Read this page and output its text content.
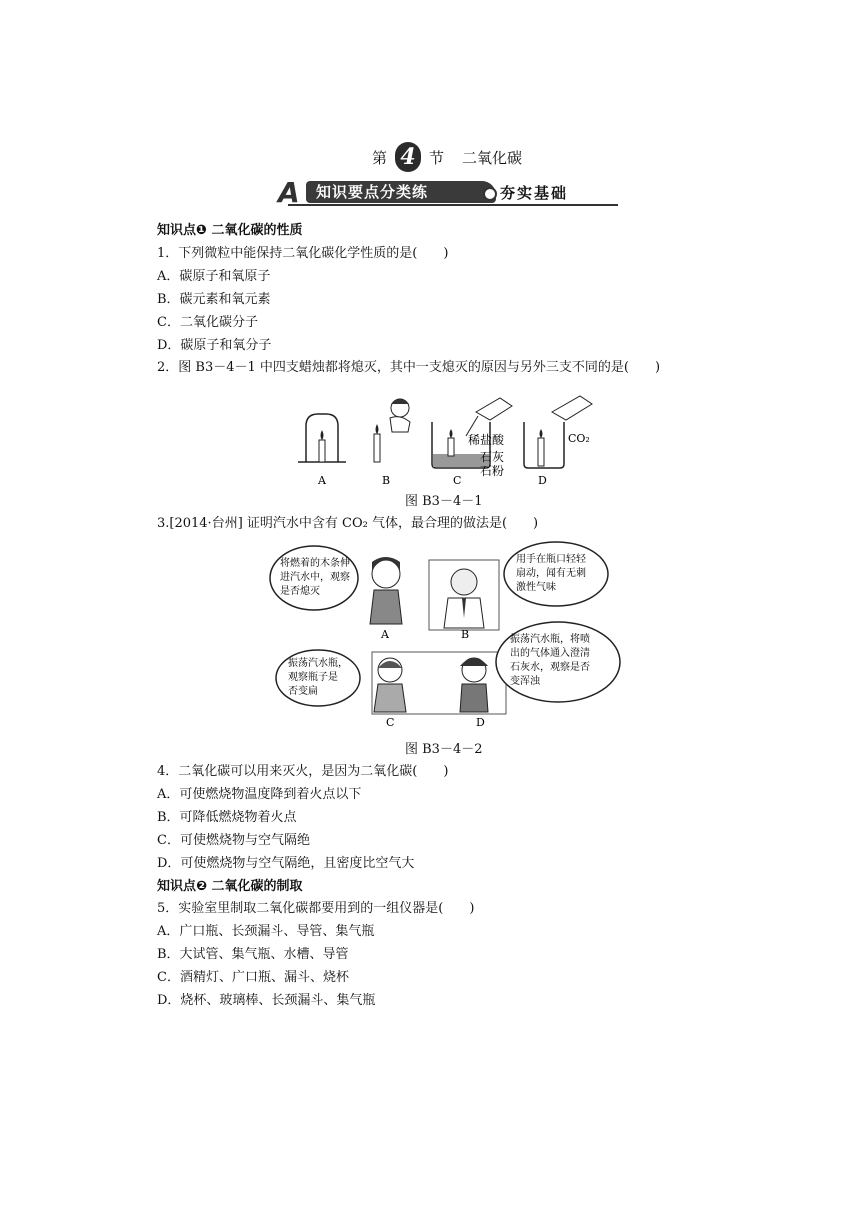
第 4 节 二氧化碳
A	知识要点分类练	夯实基础
知识点❶ 二氧化碳的性质
1．下列微粒中能保持二氧化碳化学性质的是(　　)
A．碳原子和氧原子
B．碳元素和氧元素
C．二氧化碳分子
D．碳原子和氧分子
2．图 B3－4－1 中四支蜡烛都将熄灭，其中一支熄灭的原因与另外三支不同的是(　　)
稀盐酸
石灰
石粉
CO₂
A	B	C	D
图 B3－4－1
3.[2014·台州] 证明汽水中含有 CO₂ 气体，最合理的做法是(　　)
将燃着的木条伸
进汽水中，观察
是否熄灭
A	B
用手在瓶口轻轻
扇动，闻有无刺
激性气味
振荡汽水瓶，
观察瓶子是
否变扁
C	D
振荡汽水瓶，将喷
出的气体通入澄清
石灰水，观察是否
变浑浊
图 B3－4－2
4．二氧化碳可以用来灭火，是因为二氧化碳(　　)
A．可使燃烧物温度降到着火点以下
B．可降低燃烧物着火点
C．可使燃烧物与空气隔绝
D．可使燃烧物与空气隔绝，且密度比空气大
知识点❷ 二氧化碳的制取
5．实验室里制取二氧化碳都要用到的一组仪器是(　　)
A．广口瓶、长颈漏斗、导管、集气瓶
B．大试管、集气瓶、水槽、导管
C．酒精灯、广口瓶、漏斗、烧杯
D．烧杯、玻璃棒、长颈漏斗、集气瓶
